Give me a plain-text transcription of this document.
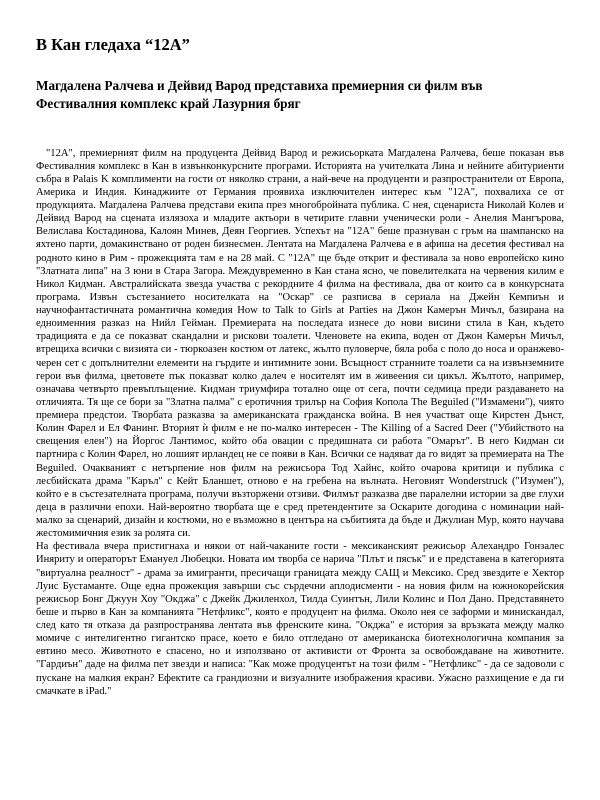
В Кан гледахa “12А”
Магдалена Ралчева и Дейвид Варод представиха премиерния си филм във Фестивалния комплекс край Лазурния бряг

"12А", премиерният филм на продуцента Дейвид Варод и режисьорката Магдалена Ралчева, беше показан във Фестивалния комплекс в Кан в извънконкурсните програми. Историята на учителката Лина и нейните абитуриенти събра в Palais K комплименти на гости от няколко страни, а най-вече на продуценти и разпространители от Европа, Америка и Индия. Кинаджиите от Германия проявиха изключителен интерес към "12А", похвалиха се от продукцията. Магдалена Ралчева представи екипа през многобройната публика. С нея, сценаристa Николай Колев и Дейвид Варод на сцената излязоха и младите актьори в четирите главни ученически роли - Анелия Мангъровa, Велислава Костадинова, Калоян Минев, Деян Георгиев. Успехът на "12А" беше празнуван с гръм на шампанско на яхтено парти, домакинствано от роден бизнесмен. Лентата на Магдалена Ралчева е в афиша на десетия фестивал на родното кино в Рим - прожекцията там е на 28 май. С "12А" ще бъде открит и фестивала за ново европейско кино "Златната липа" на 3 юни в Стара Загора. Междувременно в Кан стана ясно, че повелителката на червения килим е Никол Кидман. Австралийската звезда участва с рекордните 4 филма на фестивала, два от които са в конкурсната програма. Извън състезанието носителката на "Оскар" се разписва в сериала на Джейн Кемпиън и научнофантастичната романтична комедия How to Talk to Girls at Parties на Джон Камерън Мичъл, базирана на едноименния разказ на Нийл Гейман. Премиерата на последата изнесе до нови висини стила в Кан, където традицията е да се показват скандални и рискови тоалети. Членовете на екипа, воден от Джон Камерън Мичъл, втрещиха всички с визията си - тюркоазен костюм от латекс, жълто пуловерче, бяла роба с поло до носа и оранжево-черен сет с допълнителни елементи на гърдите и интимните зони. Всъщност странните тоалети са на извънземните герои във филма, цветовете пък показват колко далеч е носителят им в живеения си цикъл. Жълтото, например, означава четвърто превъплъщение. Кидман триумфира тотално още от сега, почти седмица преди раздаването на отличията. Тя ще се бори за "Златна палма" с еротичния трилър на София Копола The Beguiled ("Измамени"), чиято премиера предстои. Творбата разказва за американската гражданска война. В нея участват още Кирстен Дънст, Колин Фарел и Ел Фанинг. Вторият ѝ филм е не по-малко интересен - The Killing of a Sacred Deer ("Убийството на свещения елен") на Йоргос Лантимос, който оба овации с предишната си работа "Омарът". В него Кидман си партнира с Колин Фарел, но лошият ирландец не се появи в Кан. Всички се надяват да го видят за премиерата на The Beguiled. Очакваният с нетърпение нов филм на режисьора Тод Хайнс, който очарова критици и публика с лесбийската драма "Каръл" с Кейт Бланшет, отново е на гребена на вълната. Неговият Wonderstruck ("Изумен"), който е в състезателната програма, получи възторжени отзиви. Филмът разказва две паралелни истории за две глухи деца в различни епохи. Най-вероятно творбата ще е сред претендентите за Оскарите догодина с номинации най-малко за сценарий, дизайн и костюми, но е възможно в центъра на събитията да бъде и Джулиан Мур, която научава жестомимичния език за ролята си.

На фестивала вчера пристигнаха и някои от най-чаканите гости - мексиканският режисьор Алехандро Гонзалес Иняриту и операторът Емануел Любецки. Новата им творба се нарича "Плът и пясък" и е представена в категорията "виртуална реалност" - драма за имигранти, пресичащи границата между САЩ и Мексико. Сред звездите е Хектор Луис Бустамантe. Още една прожекция завърши със сърдечни аплодисменти - на новия филм на южнокорейския режисьор Бонг Джуун Хоу "Окджа" с Джейк Джиленхол, Тилда Суинтън, Лили Колинс и Пол Дано. Представянето беше и първо в Кан за компанията "Нетфликс", която е продуцент на филма. Около нея се заформи и минискандал, след като тя отказа да разпространява лентата във френските кина. "Окджа" е история за връзката между малко момиче с интелигентно гигантско прасе, което е било отгледано от американска биотехнологична компания за евтино месо. Животното е спасено, но и използвано от активисти от Фронта за освобождаване на животните. "Гардиън" даде на филма пет звезди и написа: "Как може продуцентът на този филм - "Нетфликс" - да се задоволи с пускане на малкия екран? Ефектите са грандиозни и визуалните изображения красиви. Ужасно разхищение е да ги смачкате в iPad."
